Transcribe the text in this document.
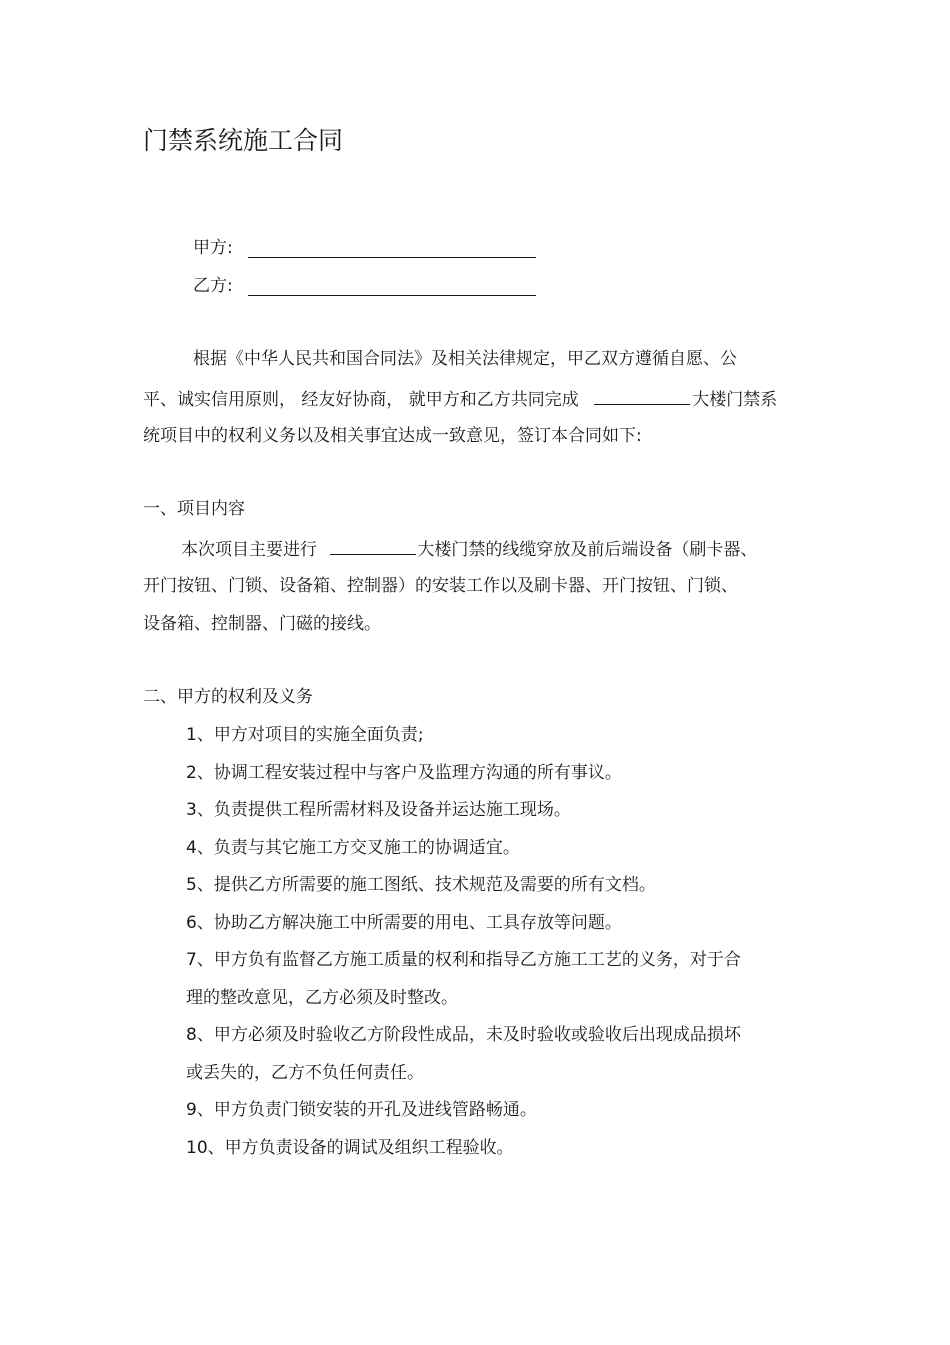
门禁系统施工合同
甲方:
乙方:
根据《中华人民共和国合同法》及相关法律规定，甲乙双方遵循自愿、公
平、诚实信用原则， 经友好协商， 就甲方和乙方共同完成	大楼门禁系
统项目中的权利义务以及相关事宜达成一致意见，签订本合同如下:
一、项目内容
本次项目主要进行	大楼门禁的线缆穿放及前后端设备（刷卡器、
开门按钮、门锁、设备箱、控制器）的安装工作以及刷卡器、开门按钮、门锁、
设备箱、控制器、门磁的接线。
二、甲方的权利及义务
1、甲方对项目的实施全面负责;
2、协调工程安装过程中与客户及监理方沟通的所有事议。
3、负责提供工程所需材料及设备并运达施工现场。
4、负责与其它施工方交叉施工的协调适宜。
5、提供乙方所需要的施工图纸、技术规范及需要的所有文档。
6、协助乙方解决施工中所需要的用电、工具存放等问题。
7、甲方负有监督乙方施工质量的权利和指导乙方施工工艺的义务，对于合
理的整改意见，乙方必须及时整改。
8、甲方必须及时验收乙方阶段性成品，未及时验收或验收后出现成品损坏
或丢失的，乙方不负任何责任。
9、甲方负责门锁安装的开孔及进线管路畅通。
10、甲方负责设备的调试及组织工程验收。
